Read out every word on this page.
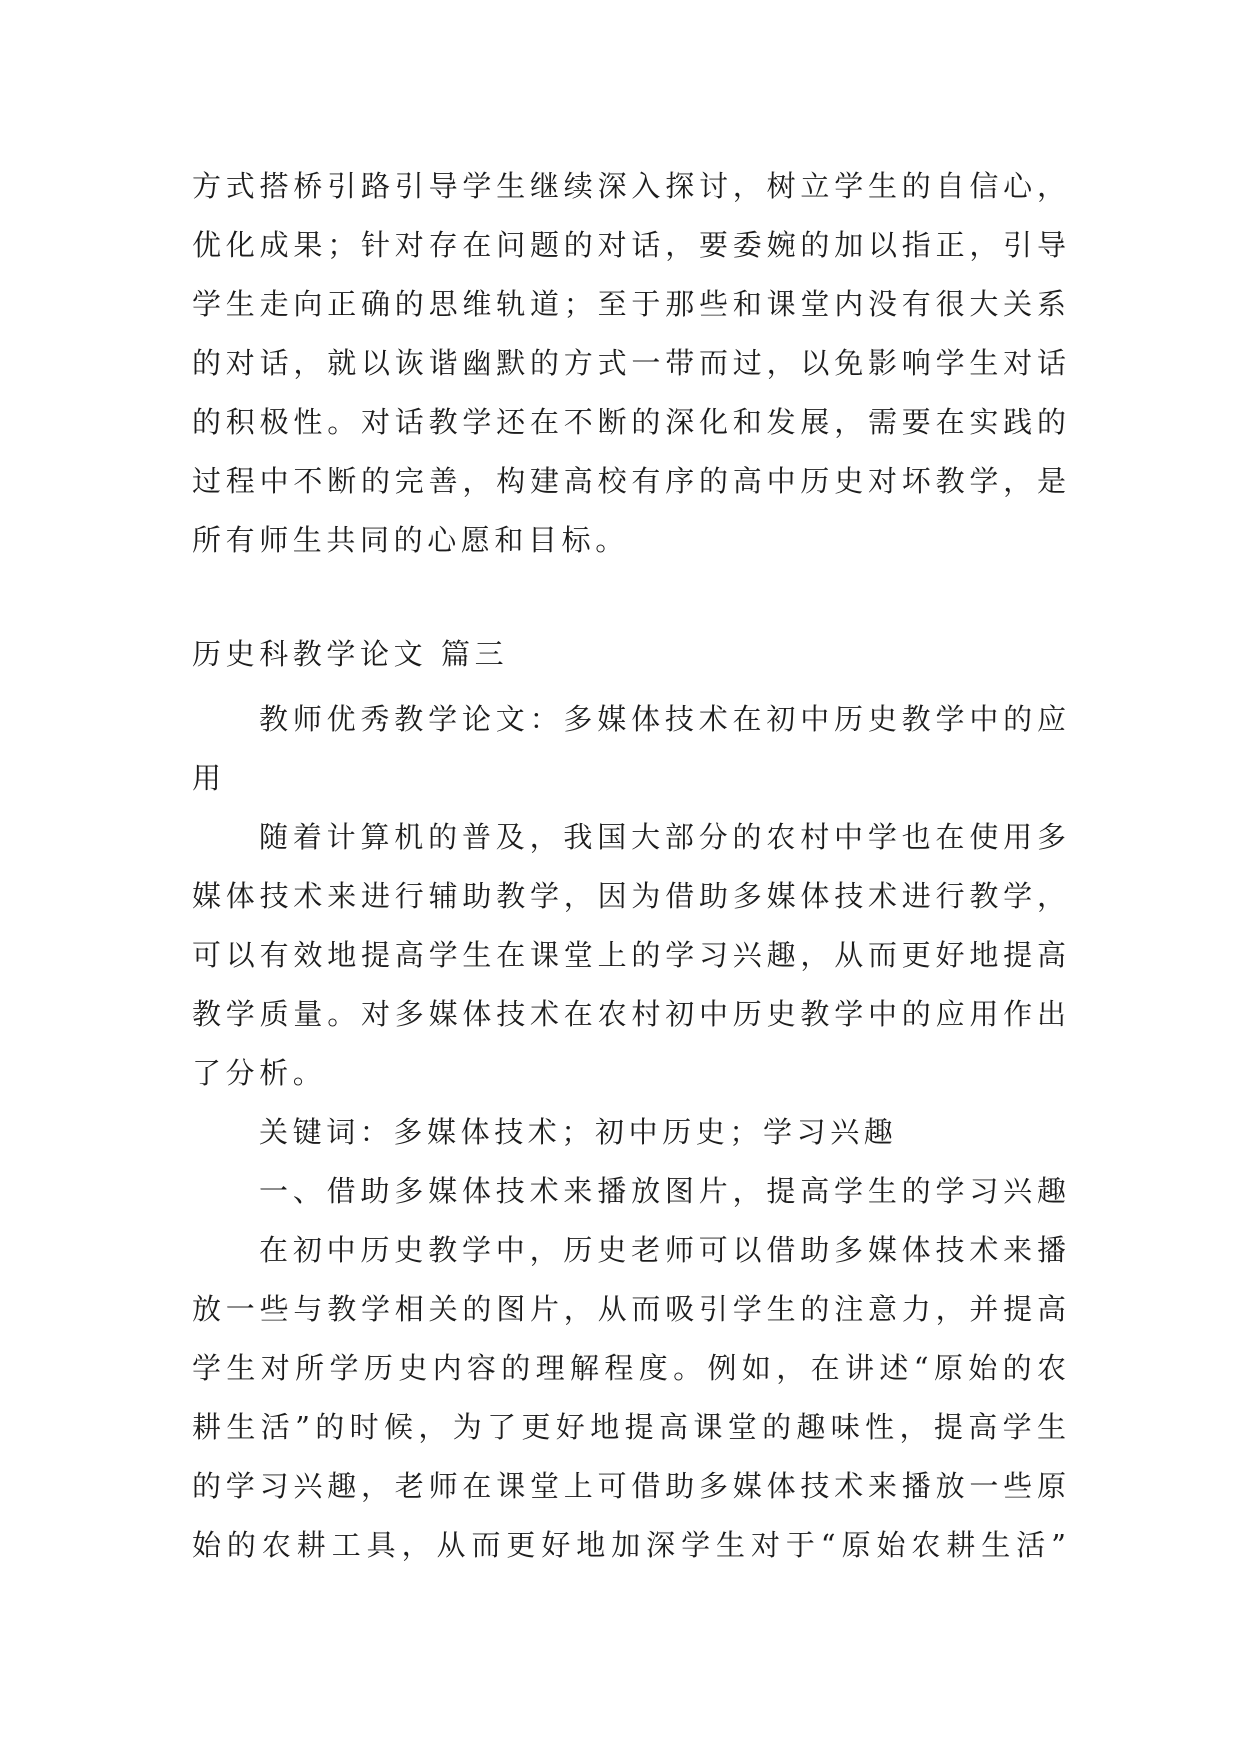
方式搭桥引路引导学生继续深入探讨，树立学生的自信心，
优化成果；针对存在问题的对话，要委婉的加以指正，引导
学生走向正确的思维轨道；至于那些和课堂内没有很大关系
的对话，就以诙谐幽默的方式一带而过，以免影响学生对话
的积极性。对话教学还在不断的深化和发展，需要在实践的
过程中不断的完善，构建高校有序的高中历史对坏教学，是
所有师生共同的心愿和目标。
历史科教学论文 篇三
教师优秀教学论文：多媒体技术在初中历史教学中的应
用
随着计算机的普及，我国大部分的农村中学也在使用多
媒体技术来进行辅助教学，因为借助多媒体技术进行教学，
可以有效地提高学生在课堂上的学习兴趣，从而更好地提高
教学质量。对多媒体技术在农村初中历史教学中的应用作出
了分析。
关键词：多媒体技术；初中历史；学习兴趣
一、借助多媒体技术来播放图片，提高学生的学习兴趣
在初中历史教学中，历史老师可以借助多媒体技术来播
放一些与教学相关的图片，从而吸引学生的注意力，并提高
学生对所学历史内容的理解程度。例如，在讲述“原始的农
耕生活”的时候，为了更好地提高课堂的趣味性，提高学生
的学习兴趣，老师在课堂上可借助多媒体技术来播放一些原
始的农耕工具，从而更好地加深学生对于“原始农耕生活”
